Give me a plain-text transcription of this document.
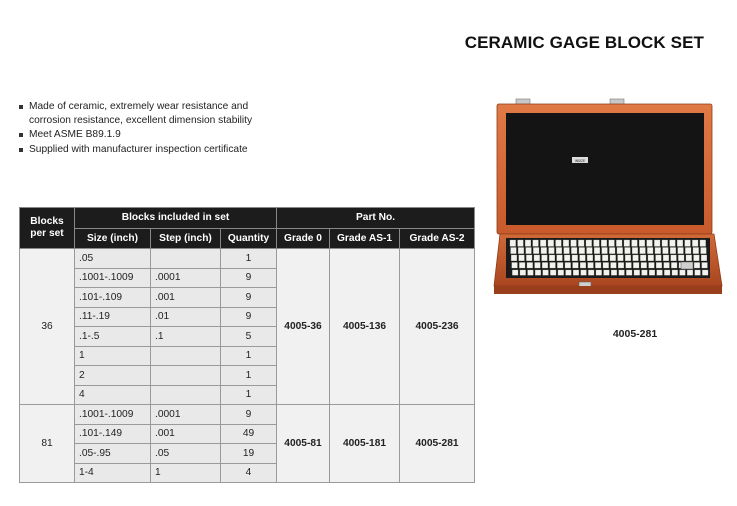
CERAMIC GAGE BLOCK SET
Made of ceramic, extremely wear resistance and
corrosion resistance, excellent dimension stability
Meet ASME B89.1.9
Supplied with manufacturer inspection certificate
Blocks
per set	Blocks included in set			Part No.		
	Size (inch)	Step (inch)	Quantity	Grade 0	Grade AS-1	Grade AS-2
36	.05		1	4005-36	4005-136	4005-236
	.1001-.1009	.0001	9			
	.101-.109	.001	9			
	.11-.19	.01	9			
	.1-.5	.1	5			
	1		1			
	2		1			
	4		1			
81	.1001-.1009	.0001	9	4005-81	4005-181	4005-281
	.101-.149	.001	49			
	.05-.95	.05	19			
	1-4	1	4			
INSIZE
4005-281
